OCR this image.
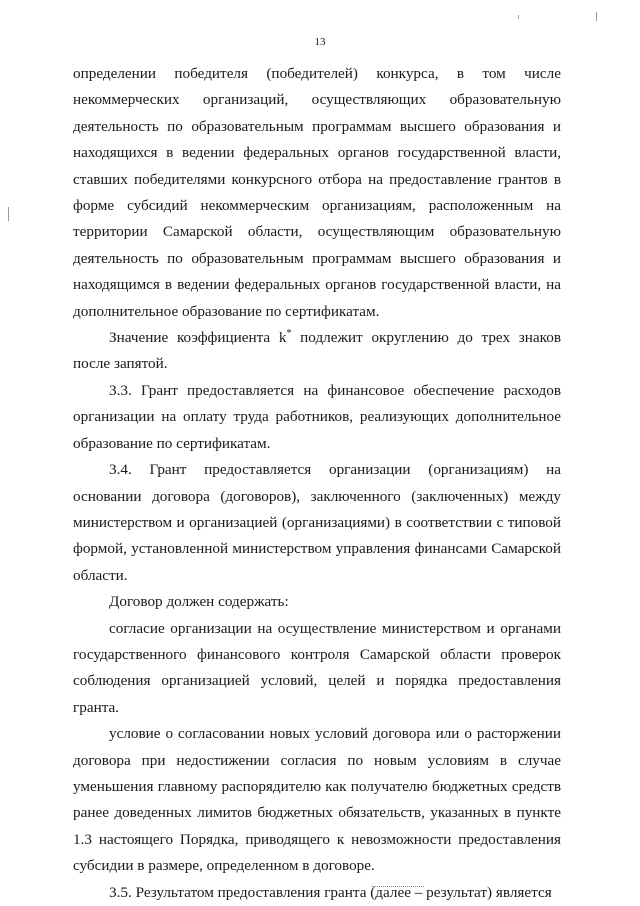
13

определении победителя (победителей) конкурса, в том числе некоммерческих организаций, осуществляющих образовательную деятельность по образовательным программам высшего образования и находящихся в ведении федеральных органов государственной власти, ставших победителями конкурсного отбора на предоставление грантов в форме субсидий некоммерческим организациям, расположенным на территории Самарской области, осуществляющим образовательную деятельность по образовательным программам высшего образования и находящимся в ведении федеральных органов государственной власти, на дополнительное образование по сертификатам.

Значение коэффициента k* подлежит округлению до трех знаков после запятой.

3.3. Грант предоставляется на финансовое обеспечение расходов организации на оплату труда работников, реализующих дополнительное образование по сертификатам.

3.4. Грант предоставляется организации (организациям) на основании договора (договоров), заключенного (заключенных) между министерством и организацией (организациями) в соответствии с типовой формой, установленной министерством управления финансами Самарской области.

Договор должен содержать:

согласие организации на осуществление министерством и органами государственного финансового контроля Самарской области проверок соблюдения организацией условий, целей и порядка предоставления гранта.

условие о согласовании новых условий договора или о расторжении договора при недостижении согласия по новым условиям в случае уменьшения главному распорядителю как получателю бюджетных средств ранее доведенных лимитов бюджетных обязательств, указанных в пункте 1.3 настоящего Порядка, приводящего к невозможности предоставления субсидии в размере, определенном в договоре.

3.5. Результатом предоставления гранта (далее – результат) является
